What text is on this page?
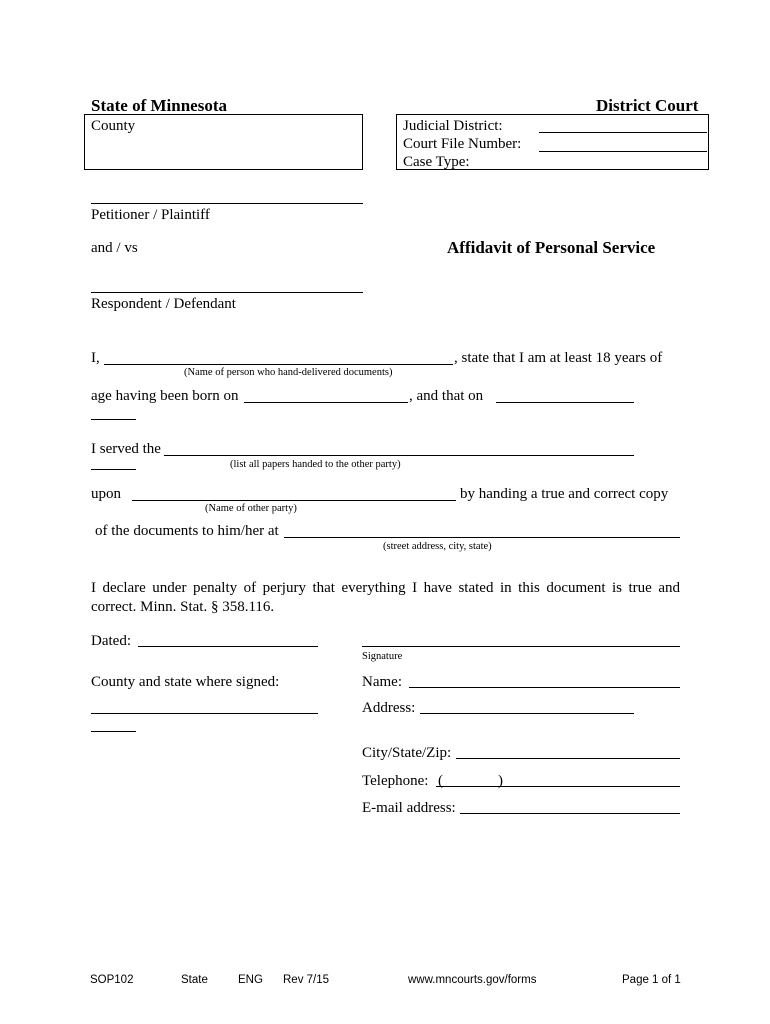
State of Minnesota	District Court
County	Judicial District:
Court File Number:
Case Type:
Petitioner / Plaintiff
and / vs	Affidavit of Personal Service
Respondent / Defendant
I,	, state that I am at least 18 years of
(Name of person who hand-delivered documents)
age having been born on	, and that on
I served the
(list all papers handed to the other party)
upon	by handing a true and correct copy
(Name of other party)
of the documents to him/her at
(street address, city, state)
I declare under penalty of perjury that everything I have stated in this document is true and correct. Minn. Stat. § 358.116.
Dated:
County and state where signed:
Signature
Name:
Address:
City/State/Zip:
Telephone: (	)
E-mail address:
SOP102	State	ENG Rev 7/15	www.mncourts.gov/forms	Page 1 of 1
